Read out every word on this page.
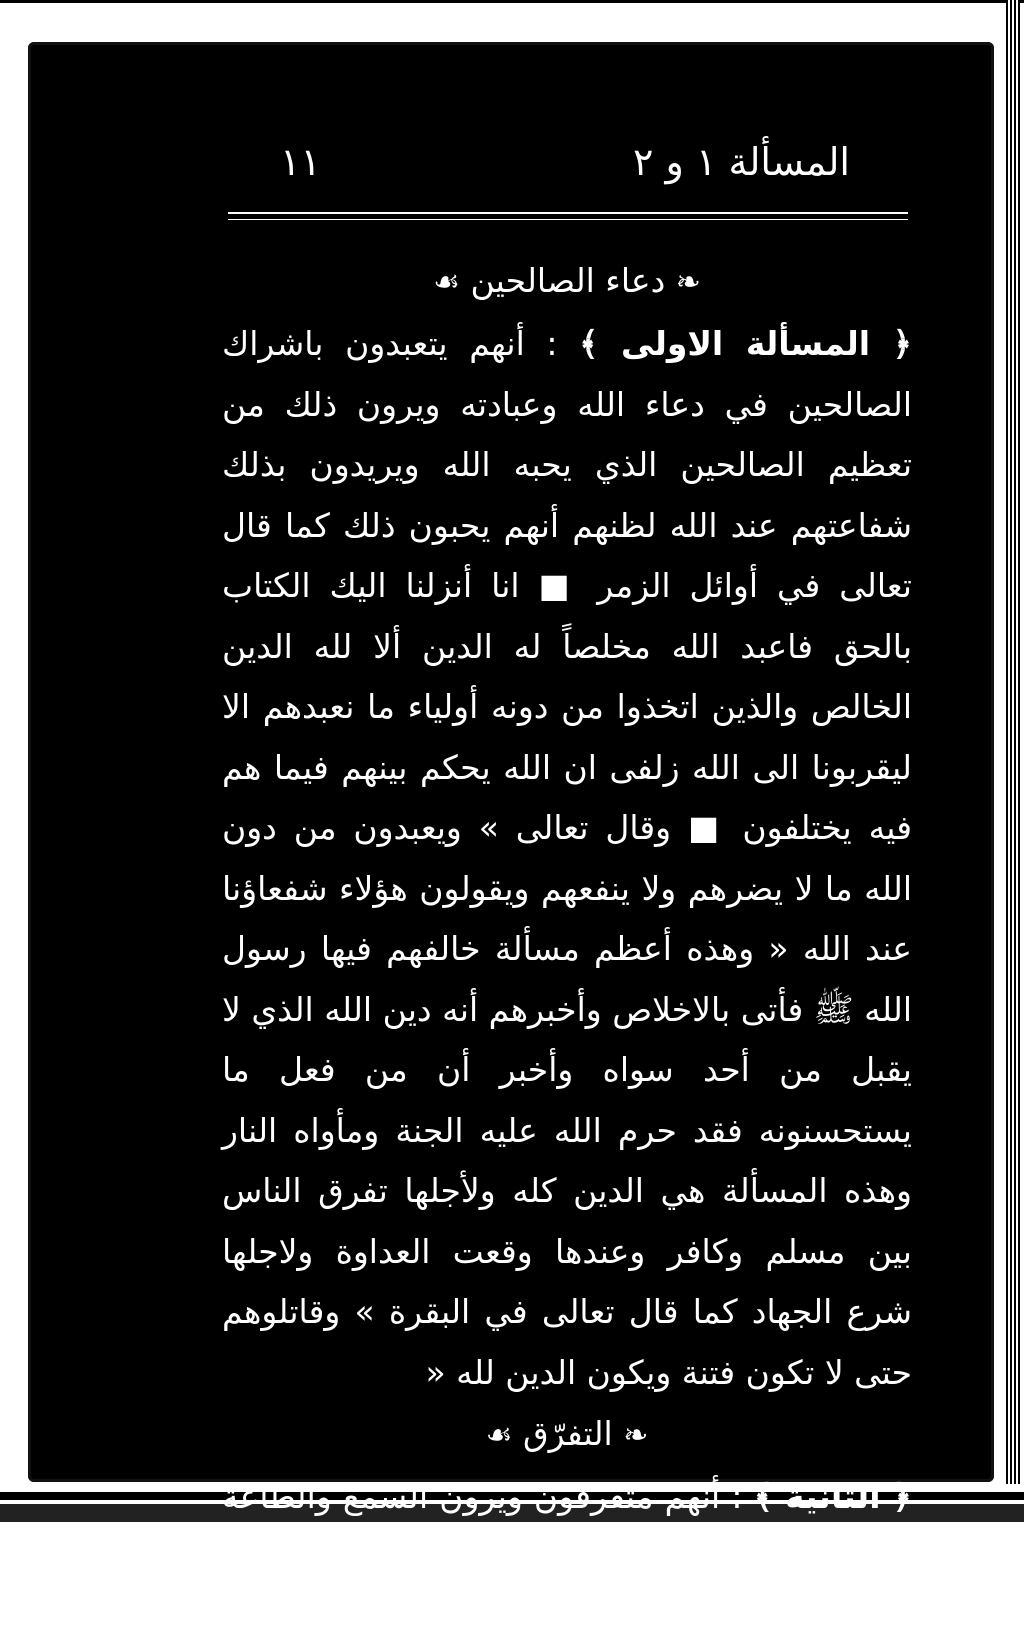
المسألة ١ و ٢
١١
❧ دعاء الصالحين ☙

﴿ المسألة الاولى ﴾ : أنهم يتعبدون باشراك الصالحين في دعاء الله وعبادته ويرون ذلك من تعظيم الصالحين الذي يحبه الله ويريدون بذلك شفاعتهم عند الله لظنهم أنهم يحبون ذلك كما قال تعالى في أوائل الزمر ■ انا أنزلنا اليك الكتاب بالحق فاعبد الله مخلصاً له الدين ألا لله الدين الخالص والذين اتخذوا من دونه أولياء ما نعبدهم الا ليقربونا الى الله زلفى ان الله يحكم بينهم فيما هم فيه يختلفون ■ وقال تعالى » ويعبدون من دون الله ما لا يضرهم ولا ينفعهم ويقولون هؤلاء شفعاؤنا عند الله « وهذه أعظم مسألة خالفهم فيها رسول الله ﷺ فأتى بالاخلاص وأخبرهم أنه دين الله الذي لا يقبل من أحد سواه وأخبر أن من فعل ما يستحسنونه فقد حرم الله عليه الجنة ومأواه النار وهذه المسألة هي الدين كله ولأجلها تفرق الناس بين مسلم وكافر وعندها وقعت العداوة ولاجلها شرع الجهاد كما قال تعالى في البقرة » وقاتلوهم حتى لا تكون فتنة ويكون الدين لله «

❧ التفرّق ☙

﴿ الثانية ﴾ : أنهم متفرقون ويرون السمع والطاعة مهانة ورذالة فأمرهم الله بالاجتماع ونهاهم عن التفرقة فقال عز ذكره
